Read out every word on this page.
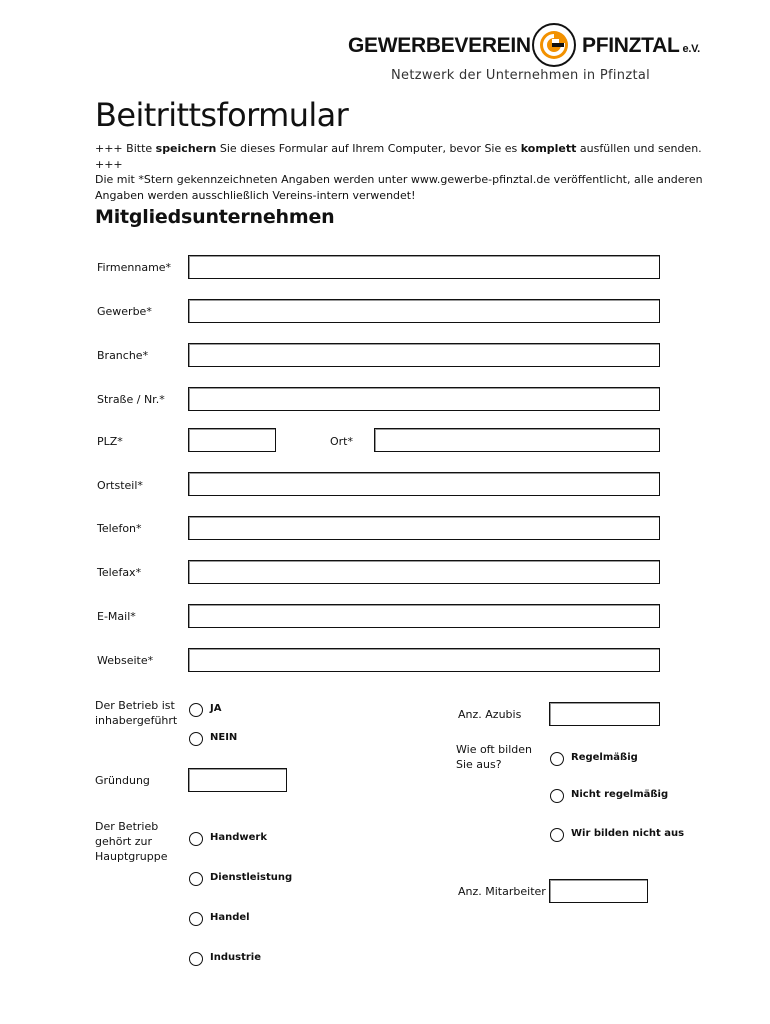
GEWERBEVEREIN PFINZTAL e.V.
Netzwerk der Unternehmen in Pfinztal
Beitrittsformular
+++ Bitte speichern Sie dieses Formular auf Ihrem Computer, bevor Sie es komplett ausfüllen und senden. +++
Die mit *Stern gekennzeichneten Angaben werden unter www.gewerbe-pfinztal.de veröffentlicht, alle anderen
Angaben werden ausschließlich Vereins-intern verwendet!
Mitgliedsunternehmen
Firmenname*
Gewerbe*
Branche*
Straße / Nr.*
PLZ*	Ort*
Ortsteil*
Telefon*
Telefax*
E-Mail*
Webseite*
Der Betrieb ist
inhabergeführt
JA
NEIN
Gründung
Der Betrieb
gehört zur
Hauptgruppe
Handwerk
Dienstleistung
Handel
Industrie
Anz. Azubis
Wie oft bilden
Sie aus?
Regelmäßig
Nicht regelmäßig
Wir bilden nicht aus
Anz. Mitarbeiter
